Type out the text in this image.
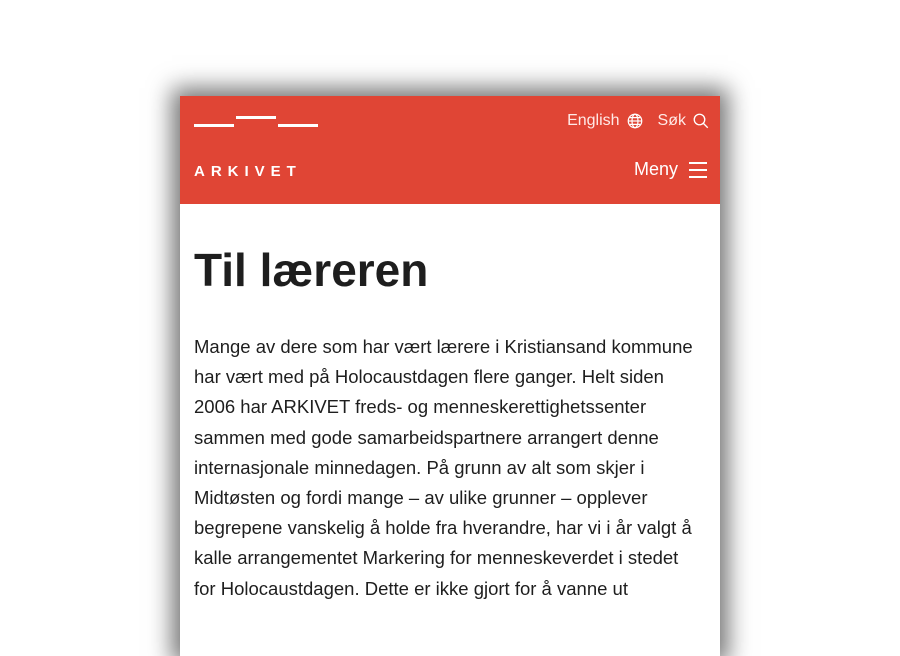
English Søk
ARKIVET	Meny
Til læreren

Mange av dere som har vært lærere i Kristiansand kommune har vært med på Holocaustdagen flere ganger. Helt siden 2006 har ARKIVET freds- og menneskerettighetssenter sammen med gode samarbeidspartnere arrangert denne internasjonale minnedagen. På grunn av alt som skjer i Midtøsten og fordi mange – av ulike grunner – opplever begrepene vanskelig å holde fra hverandre, har vi i år valgt å kalle arrangementet Markering for menneskeverdet i stedet for Holocaustdagen. Dette er ikke gjort for å vanne ut
